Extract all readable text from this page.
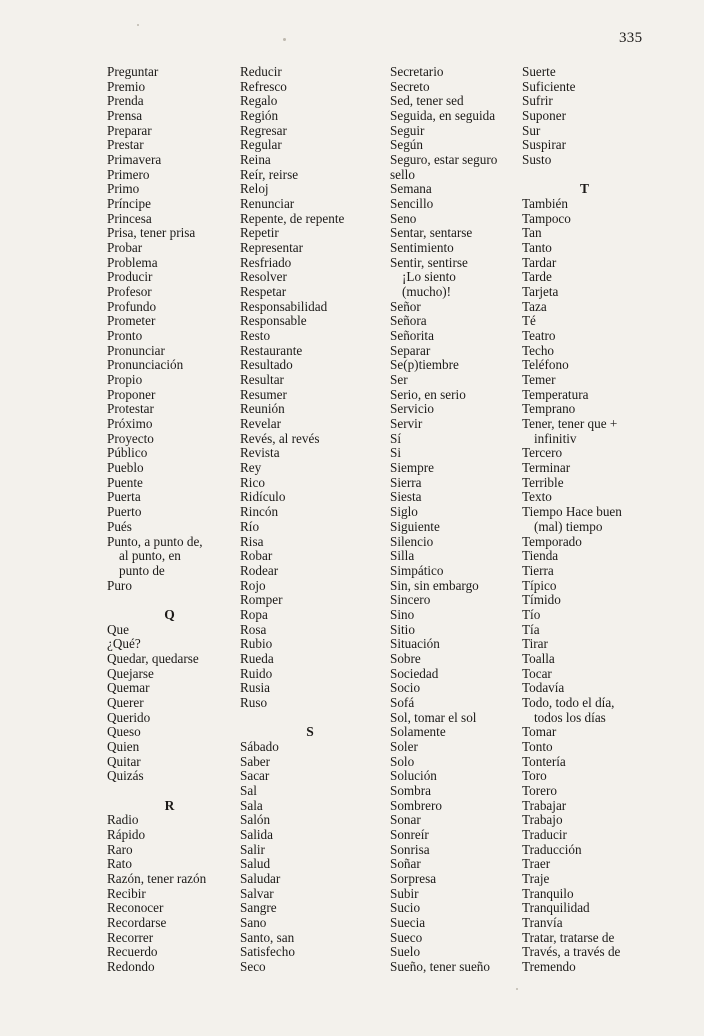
335
Preguntar
Premio
Prenda
Prensa
Preparar
Prestar
Primavera
Primero
Primo
Príncipe
Princesa
Prisa, tener prisa
Probar
Problema
Producir
Profesor
Profundo
Prometer
Pronto
Pronunciar
Pronunciación
Propio
Proponer
Protestar
Próximo
Proyecto
Público
Pueblo
Puente
Puerta
Puerto
Pués
Punto, a punto de,
al punto, en
punto de
Puro
Q
Que
¿Qué?
Quedar, quedarse
Quejarse
Quemar
Querer
Querido
Queso
Quien
Quitar
Quizás
R
Radio
Rápido
Raro
Rato
Razón, tener razón
Recibir
Reconocer
Recordarse
Recorrer
Recuerdo
Redondo
Reducir
Refresco
Regalo
Región
Regresar
Regular
Reina
Reír, reirse
Reloj
Renunciar
Repente, de repente
Repetir
Representar
Resfriado
Resolver
Respetar
Responsabilidad
Responsable
Resto
Restaurante
Resultado
Resultar
Resumer
Reunión
Revelar
Revés, al revés
Revista
Rey
Rico
Ridículo
Rincón
Río
Risa
Robar
Rodear
Rojo
Romper
Ropa
Rosa
Rubio
Rueda
Ruido
Rusia
Ruso
S
Sábado
Saber
Sacar
Sal
Sala
Salón
Salida
Salir
Salud
Saludar
Salvar
Sangre
Sano
Santo, san
Satisfecho
Seco
Secretario
Secreto
Sed, tener sed
Seguida, en seguida
Seguir
Según
Seguro, estar seguro
sello
Semana
Sencillo
Seno
Sentar, sentarse
Sentimiento
Sentir, sentirse
¡Lo siento
(mucho)!
Señor
Señora
Señorita
Separar
Se(p)tiembre
Ser
Serio, en serio
Servicio
Servir
Sí
Si
Siempre
Sierra
Siesta
Siglo
Siguiente
Silencio
Silla
Simpático
Sin, sin embargo
Sincero
Sino
Sitio
Situación
Sobre
Sociedad
Socio
Sofá
Sol, tomar el sol
Solamente
Soler
Solo
Solución
Sombra
Sombrero
Sonar
Sonreír
Sonrisa
Soñar
Sorpresa
Subir
Sucio
Suecia
Sueco
Suelo
Sueño, tener sueño
Suerte
Suficiente
Sufrir
Suponer
Sur
Suspirar
Susto
T
También
Tampoco
Tan
Tanto
Tardar
Tarde
Tarjeta
Taza
Té
Teatro
Techo
Teléfono
Temer
Temperatura
Temprano
Tener, tener que +
infinitiv
Tercero
Terminar
Terrible
Texto
Tiempo Hace buen
(mal) tiempo
Temporado
Tienda
Tierra
Típico
Tímido
Tío
Tía
Tirar
Toalla
Tocar
Todavía
Todo, todo el día,
todos los días
Tomar
Tonto
Tontería
Toro
Torero
Trabajar
Trabajo
Traducir
Traducción
Traer
Traje
Tranquilo
Tranquilidad
Tranvía
Tratar, tratarse de
Través, a través de
Tremendo
